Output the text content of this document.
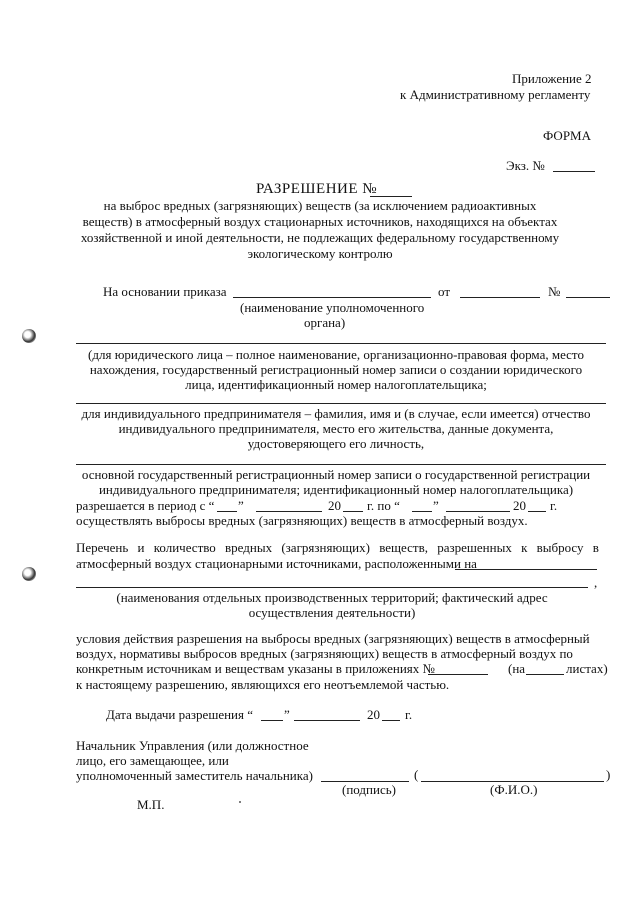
Приложение 2
к Административному регламенту
ФОРМА
Экз. №
РАЗРЕШЕНИЕ №
на выброс вредных (загрязняющих) веществ (за исключением радиоактивных
веществ) в атмосферный воздух стационарных источников, находящихся на объектах
хозяйственной и иной деятельности, не подлежащих федеральному государственному
экологическому контролю
На основании приказа	от	№
(наименование уполномоченного
органа)
(для юридического лица – полное наименование, организационно-правовая форма, место
нахождения, государственный регистрационный номер записи о создании юридического
лица, идентификационный номер налогоплательщика;
для индивидуального предпринимателя – фамилия, имя и (в случае, если имеется) отчество
индивидуального предпринимателя, место его жительства, данные документа,
удостоверяющего его личность,
основной государственный регистрационный номер записи о государственной регистрации
индивидуального предпринимателя; идентификационный номер налогоплательщика)
разрешается в период с “ ”	20 г. по “	”	20 г.
осуществлять выбросы вредных (загрязняющих) веществ в атмосферный воздух.
Перечень и количество вредных (загрязняющих) веществ, разрешенных к выбросу в
атмосферный воздух стационарными источниками, расположенными на
,
(наименования отдельных производственных территорий; фактический адрес
осуществления деятельности)
условия действия разрешения на выбросы вредных (загрязняющих) веществ в атмосферный
воздух, нормативы выбросов вредных (загрязняющих) веществ в атмосферный воздух по
конкретным источникам и веществам указаны в приложениях №	(на	листах)
к настоящему разрешению, являющихся его неотъемлемой частью.
Дата выдачи разрешения “ ”	20 г.
Начальник Управления (или должностное
лицо, его замещающее, или
уполномоченный заместитель начальника)	(	)
(подпись)	(Ф.И.О.)
М.П.
